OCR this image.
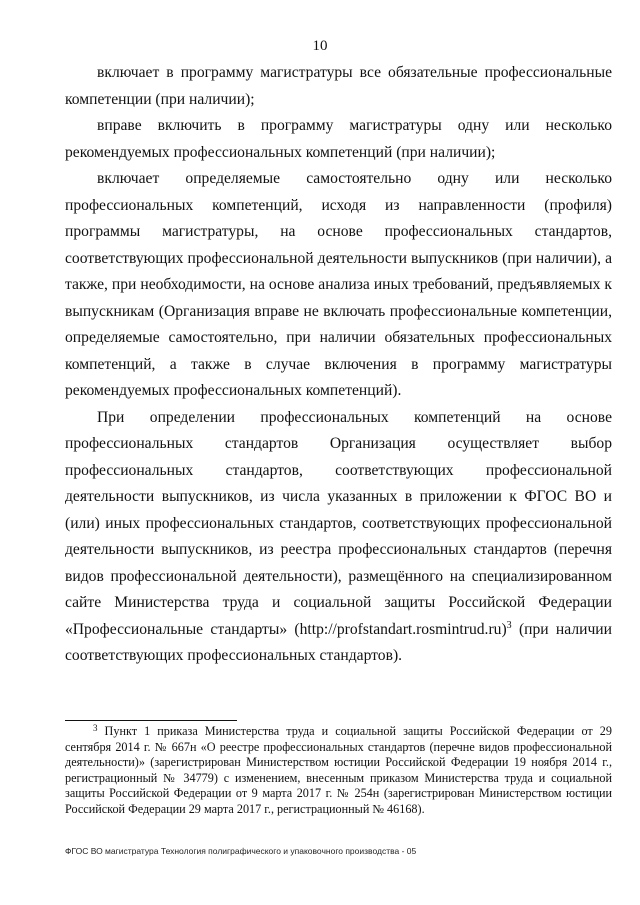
10

включает в программу магистратуры все обязательные профессиональные компетенции (при наличии);

вправе включить в программу магистратуры одну или несколько рекомендуемых профессиональных компетенций (при наличии);

включает определяемые самостоятельно одну или несколько профессиональных компетенций, исходя из направленности (профиля) программы магистратуры, на основе профессиональных стандартов, соответствующих профессиональной деятельности выпускников (при наличии), а также, при необходимости, на основе анализа иных требований, предъявляемых к выпускникам (Организация вправе не включать профессиональные компетенции, определяемые самостоятельно, при наличии обязательных профессиональных компетенций, а также в случае включения в программу магистратуры рекомендуемых профессиональных компетенций).

При определении профессиональных компетенций на основе профессиональных стандартов Организация осуществляет выбор профессиональных стандартов, соответствующих профессиональной деятельности выпускников, из числа указанных в приложении к ФГОС ВО и (или) иных профессиональных стандартов, соответствующих профессиональной деятельности выпускников, из реестра профессиональных стандартов (перечня видов профессиональной деятельности), размещённого на специализированном сайте Министерства труда и социальной защиты Российской Федерации «Профессиональные стандарты» (http://profstandart.rosmintrud.ru)$^3$ (при наличии соответствующих профессиональных стандартов).

$^3$ Пункт 1 приказа Министерства труда и социальной защиты Российской Федерации от 29 сентября 2014 г. № 667н «О реестре профессиональных стандартов (перечне видов профессиональной деятельности)» (зарегистрирован Министерством юстиции Российской Федерации 19 ноября 2014 г., регистрационный № 34779) с изменением, внесенным приказом Министерства труда и социальной защиты Российской Федерации от 9 марта 2017 г. № 254н (зарегистрирован Министерством юстиции Российской Федерации 29 марта 2017 г., регистрационный № 46168).
ФГОС ВО магистратура Технология полиграфического и упаковочного производства - 05
